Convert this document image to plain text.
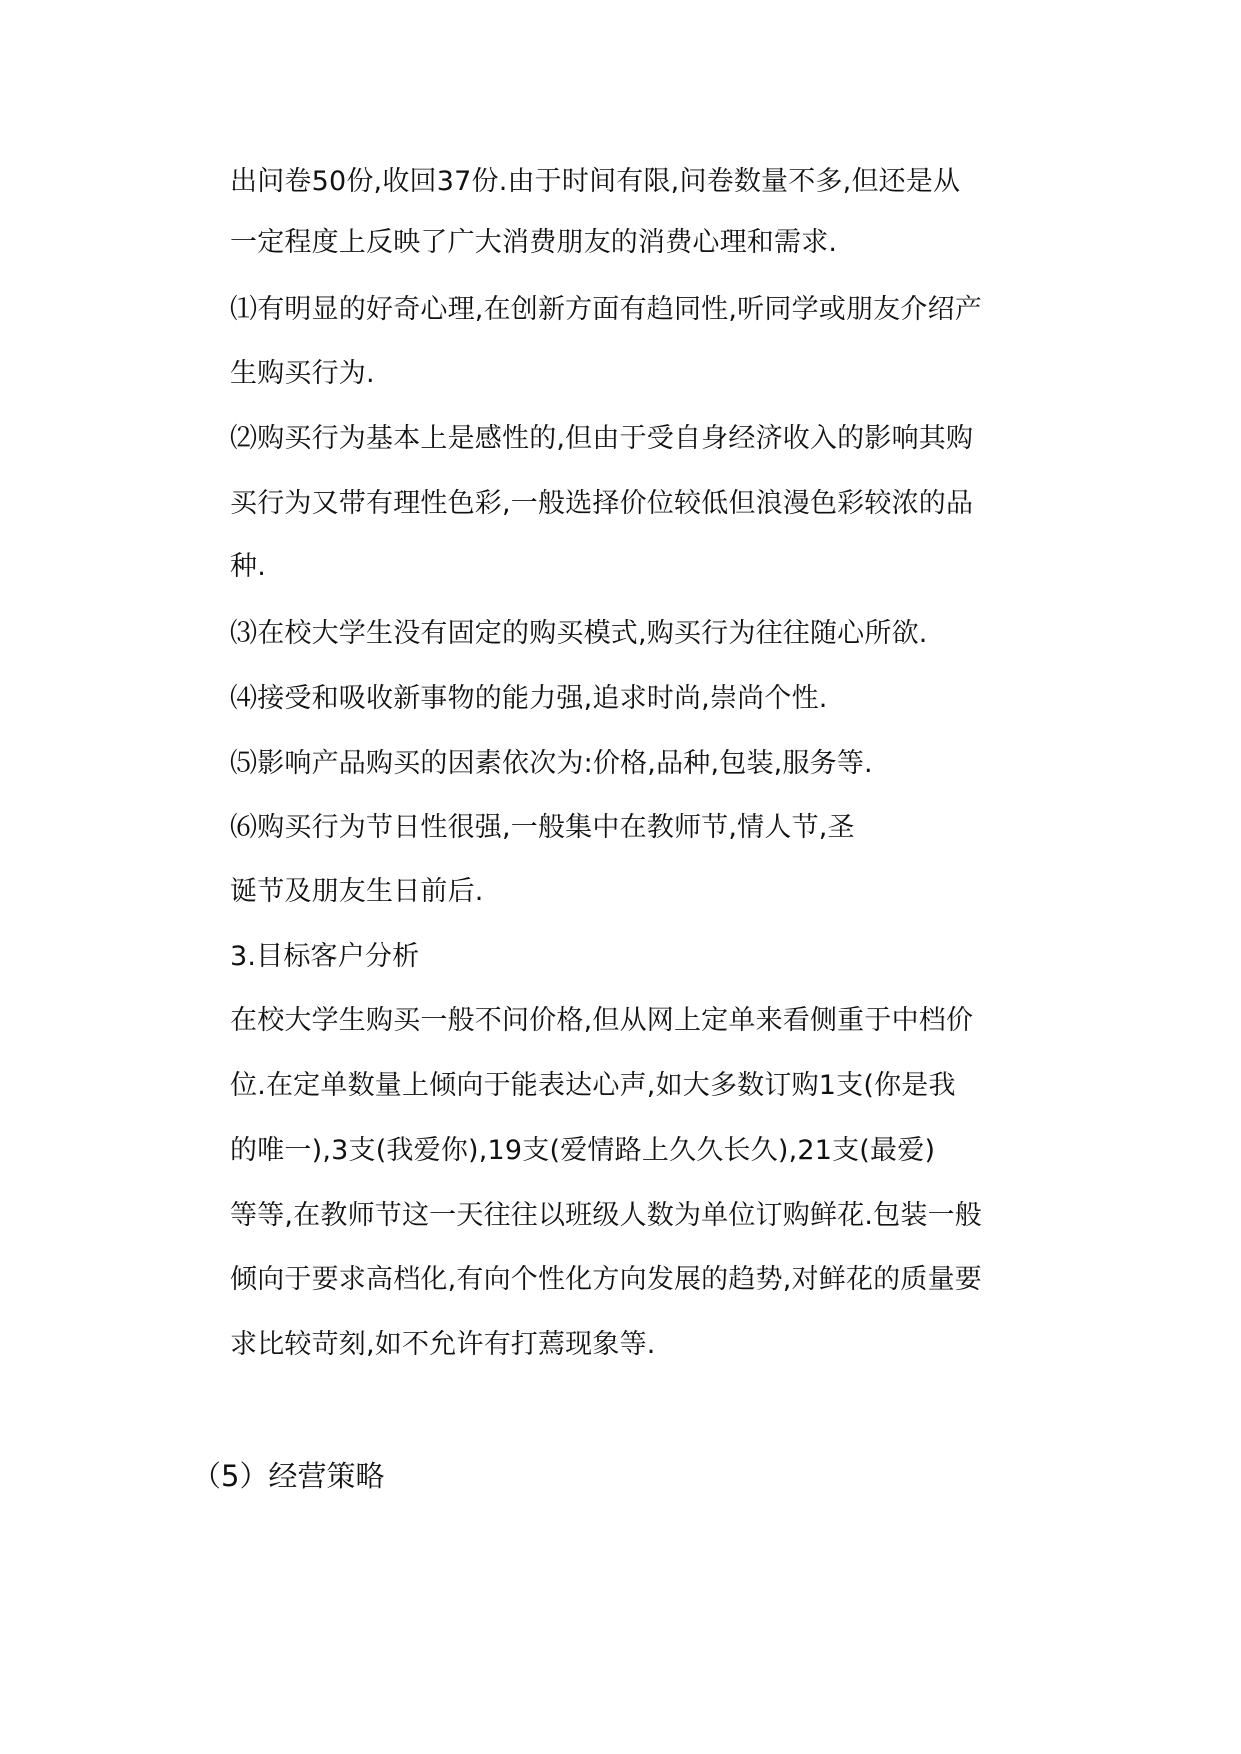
出问卷50份,收回37份.由于时间有限,问卷数量不多,但还是从
一定程度上反映了广大消费朋友的消费心理和需求.
⑴有明显的好奇心理,在创新方面有趋同性,听同学或朋友介绍产
生购买行为.
⑵购买行为基本上是感性的,但由于受自身经济收入的影响其购
买行为又带有理性色彩,一般选择价位较低但浪漫色彩较浓的品
种.
⑶在校大学生没有固定的购买模式,购买行为往往随心所欲.
⑷接受和吸收新事物的能力强,追求时尚,崇尚个性.
⑸影响产品购买的因素依次为:价格,品种,包装,服务等.
⑹购买行为节日性很强,一般集中在教师节,情人节,圣
诞节及朋友生日前后.
3.目标客户分析
在校大学生购买一般不问价格,但从网上定单来看侧重于中档价
位.在定单数量上倾向于能表达心声,如大多数订购1支(你是我
的唯一),3支(我爱你),19支(爱情路上久久长久),21支(最爱)
等等,在教师节这一天往往以班级人数为单位订购鲜花.包装一般
倾向于要求高档化,有向个性化方向发展的趋势,对鲜花的质量要
求比较苛刻,如不允许有打蔫现象等.
（5）经营策略
